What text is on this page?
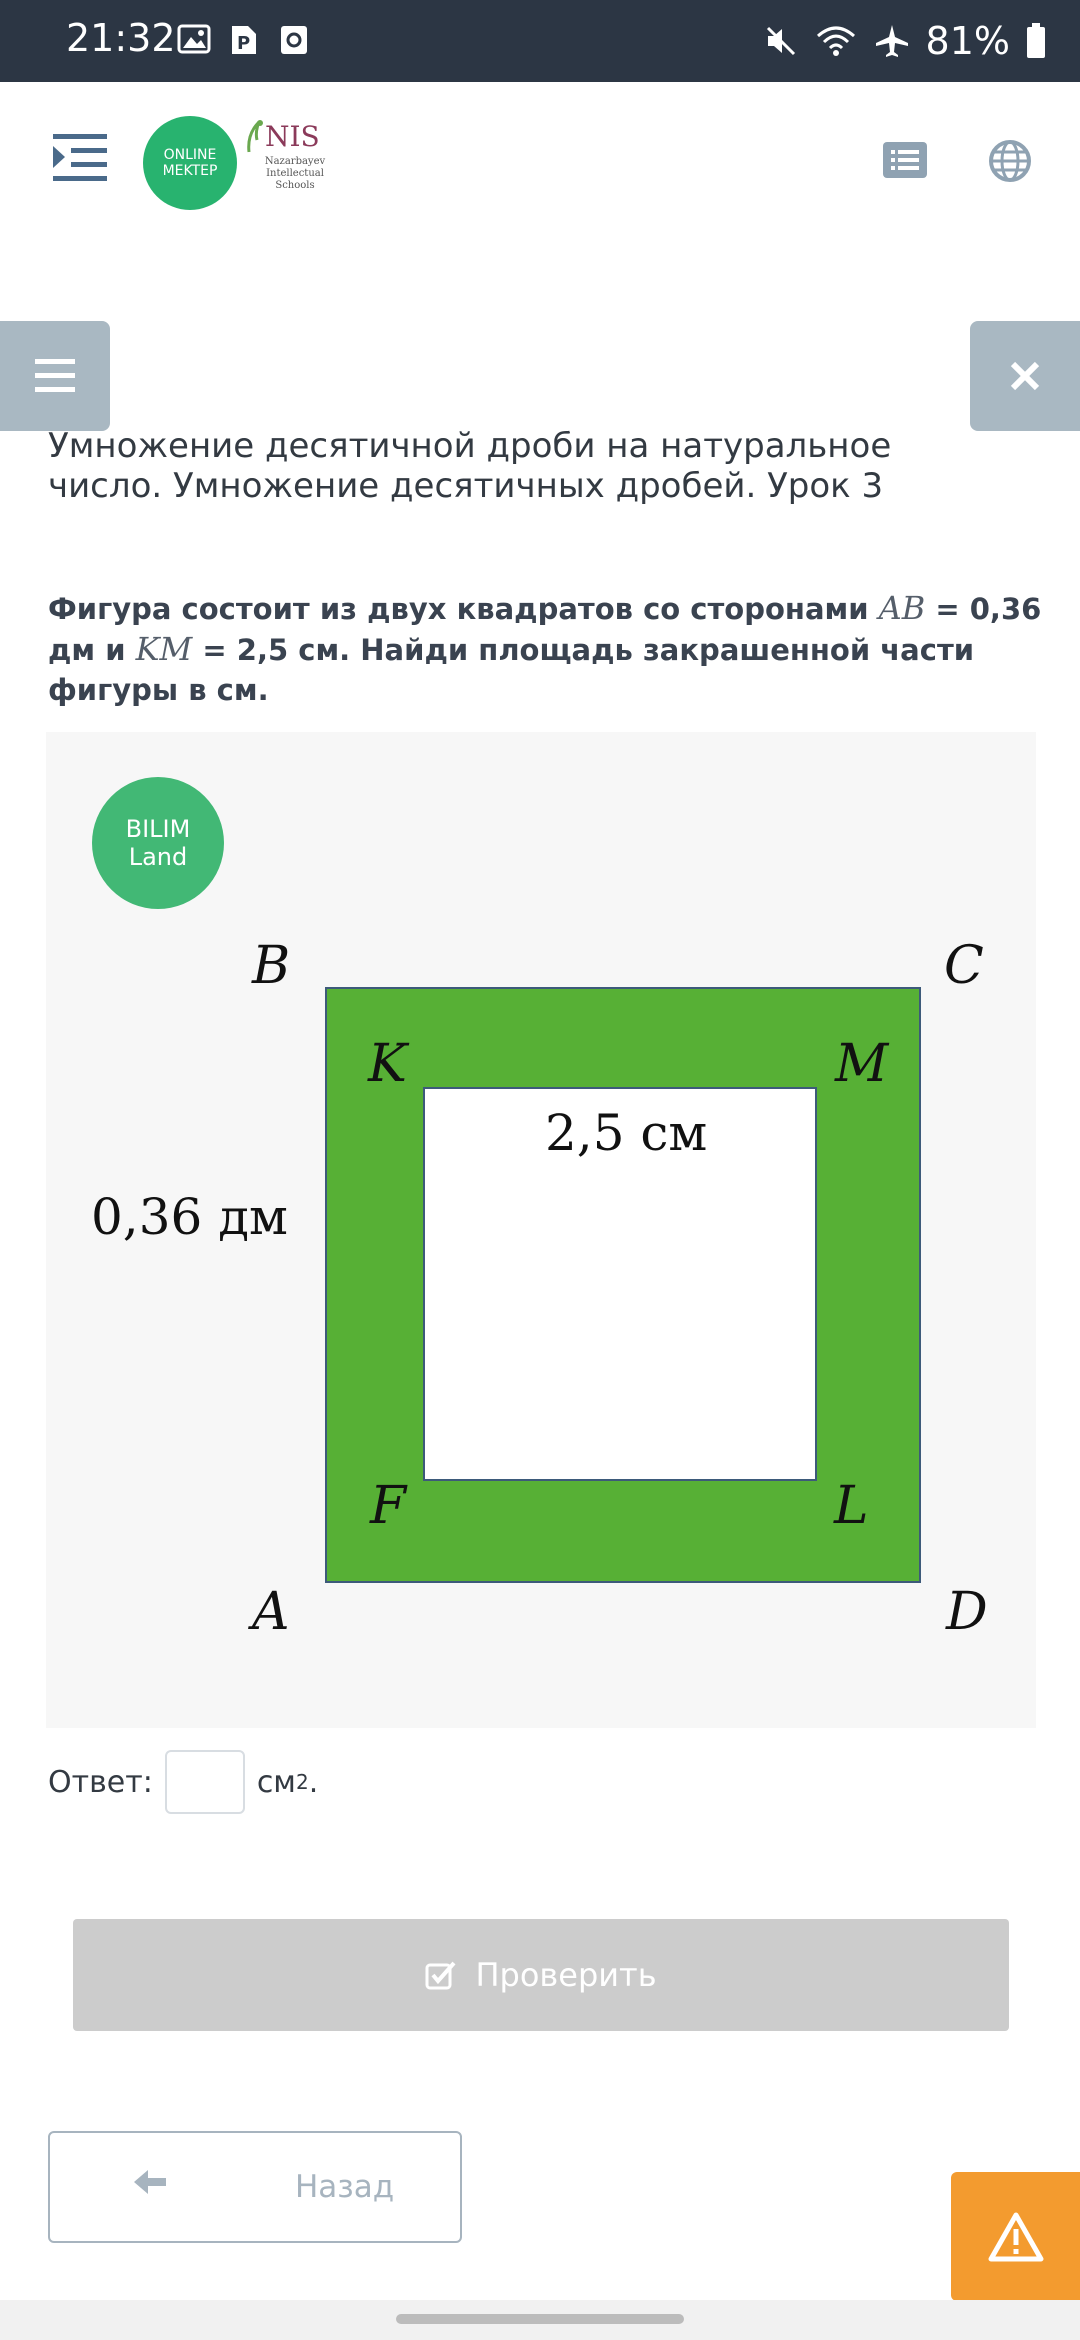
21:32	P	81%
ONLINE
MEKTEP
NIS
Nazarbayev
Intellectual
Schools
Умножение десятичной дроби на натуральное число. Умножение десятичных дробей. Урок 3
Фигура состоит из двух квадратов со сторонами AB = 0,36 дм и KM = 2,5 см. Найди площадь закрашенной части фигуры в см.
BILIM
Land
B	C
K	M
F	L
A	D
2,5 см
0,36 дм
Ответ:	см 2 .
Проверить
Назад
